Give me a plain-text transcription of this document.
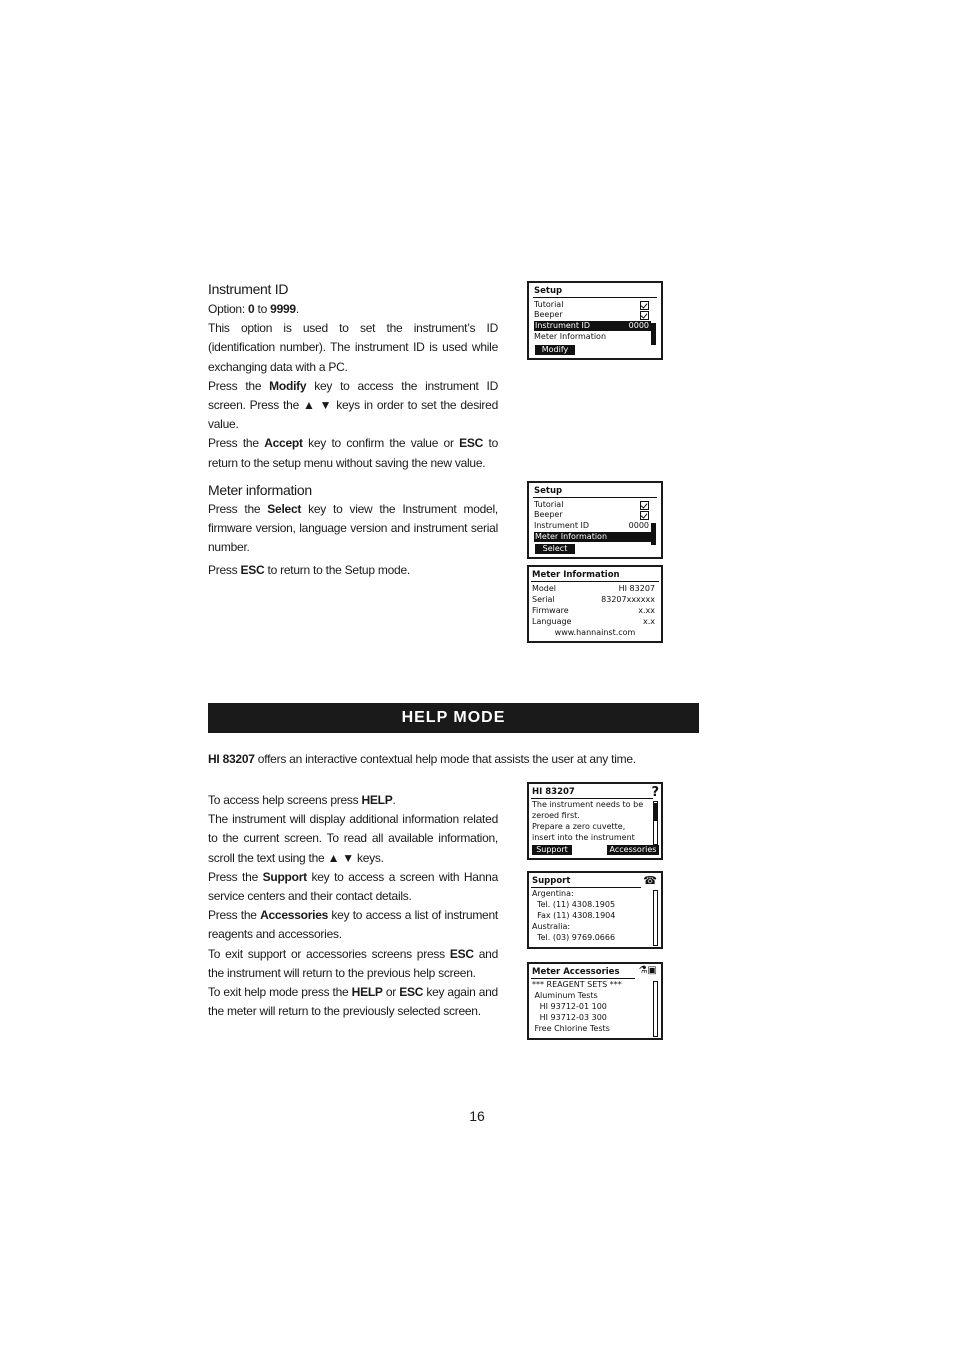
Instrument ID

Option: 0 to 9999.

This option is used to set the instrument’s ID (identification number). The instrument ID is used while exchanging data with a PC.

Press the Modify key to access the instrument ID screen. Press the ▲ ▼ keys in order to set the desired value.

Press the Accept key to confirm the value or ESC to return to the setup menu without saving the new value.

Meter information

Press the Select key to view the Instrument model, firmware version, language version and instrument serial number.

Press ESC to return to the Setup mode.

Setup
Tutorial
Beeper
Instrument ID	0000
Meter Information
Modify
Setup
Tutorial
Beeper
Instrument ID	0000
Meter Information
Select
Meter Information
Model	HI 83207
Serial	83207xxxxxx
Firmware	x.xx
Language	x.x
www.hannainst.com
HELP MODE
HI 83207 offers an interactive contextual help mode that assists the user at any time.

To access help screens press HELP.

The instrument will display additional information related to the current screen. To read all available information, scroll the text using the ▲ ▼ keys.

Press the Support key to access a screen with Hanna service centers and their contact details.

Press the Accessories key to access a list of instrument reagents and accessories.

To exit support or accessories screens press ESC and the instrument will return to the previous help screen.

To exit help mode press the HELP or ESC key again and the meter will return to the previously selected screen.

HI 83207	?
The instrument needs to be
zeroed first.
Prepare a zero cuvette,
insert into the instrument
Support	Accessories
Support	☎
Argentina:
Tel. (11) 4308.1905
Fax (11) 4308.1904
Australia:
Tel. (03) 9769.0666
Meter Accessories ⚗▣
*** REAGENT SETS ***
Aluminum Tests
HI 93712-01 100
HI 93712-03 300
Free Chlorine Tests
16
